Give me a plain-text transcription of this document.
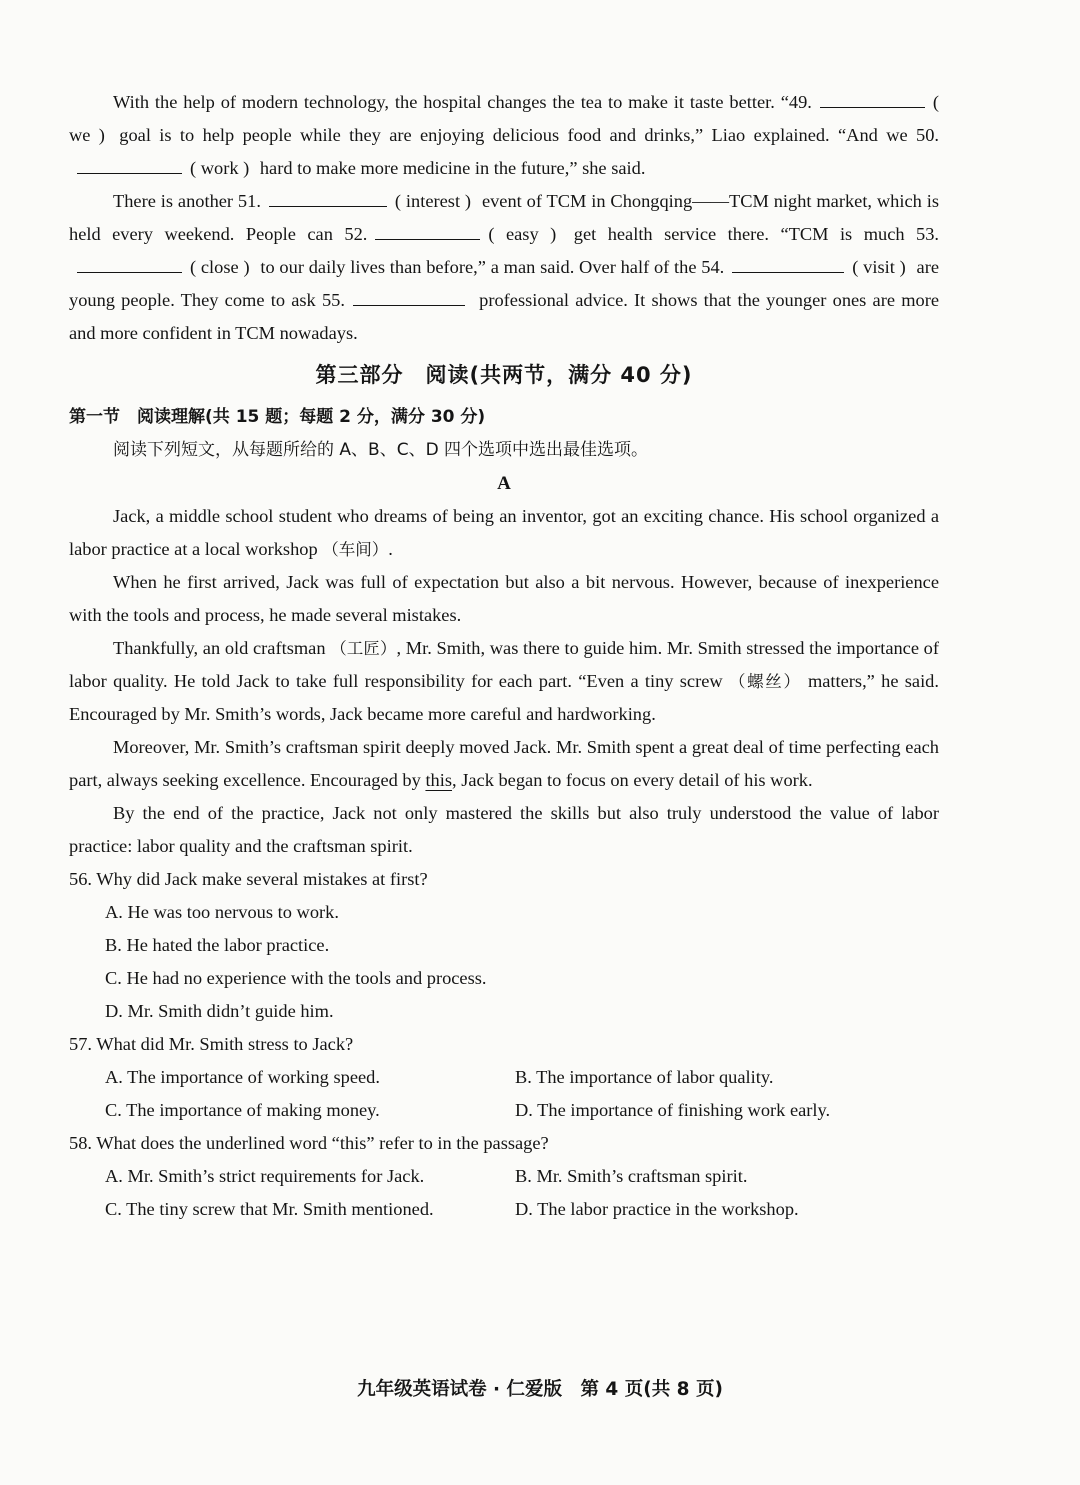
With the help of modern technology, the hospital changes the tea to make it taste better. “49.	( we ) goal is to help people while they are enjoying delicious food and drinks,” Liao explained. “And we 50.( work ) hard to make more medicine in the future,” she said.

There is another 51.	( interest ) event of TCM in Chongqing——TCM night market, which is held every weekend. People can 52.	( easy ) get health service there. “TCM is much 53.( close ) to our daily lives than before,” a man said. Over half of the 54.	( visit ) are young people. They come to ask 55.	professional advice. It shows that the younger ones are more and more confident in TCM nowadays.

第三部分　阅读(共两节，满分 40 分)

第一节　阅读理解(共 15 题；每题 2 分，满分 30 分)

阅读下列短文，从每题所给的 A、B、C、D 四个选项中选出最佳选项。

A

Jack, a middle school student who dreams of being an inventor, got an exciting chance. His school organized a labor practice at a local workshop （车间）.

When he first arrived, Jack was full of expectation but also a bit nervous. However, because of inexperience with the tools and process, he made several mistakes.

Thankfully, an old craftsman （工匠）, Mr. Smith, was there to guide him. Mr. Smith stressed the importance of labor quality. He told Jack to take full responsibility for each part. “Even a tiny screw （螺丝） matters,” he said. Encouraged by Mr. Smith’s words, Jack became more careful and hardworking.

Moreover, Mr. Smith’s craftsman spirit deeply moved Jack. Mr. Smith spent a great deal of time perfecting each part, always seeking excellence. Encouraged by this, Jack began to focus on every detail of his work.

By the end of the practice, Jack not only mastered the skills but also truly understood the value of labor practice: labor quality and the craftsman spirit.

56. Why did Jack make several mistakes at first?

A. He was too nervous to work.

B. He hated the labor practice.

C. He had no experience with the tools and process.

D. Mr. Smith didn’t guide him.

57. What did Mr. Smith stress to Jack?

A. The importance of working speed.	B. The importance of labor quality.
C. The importance of making money.	D. The importance of finishing work early.

58. What does the underlined word “this” refer to in the passage?

A. Mr. Smith’s strict requirements for Jack.	B. Mr. Smith’s craftsman spirit.
C. The tiny screw that Mr. Smith mentioned.	D. The labor practice in the workshop.
九年级英语试卷 · 仁爱版　第 4 页(共 8 页)
